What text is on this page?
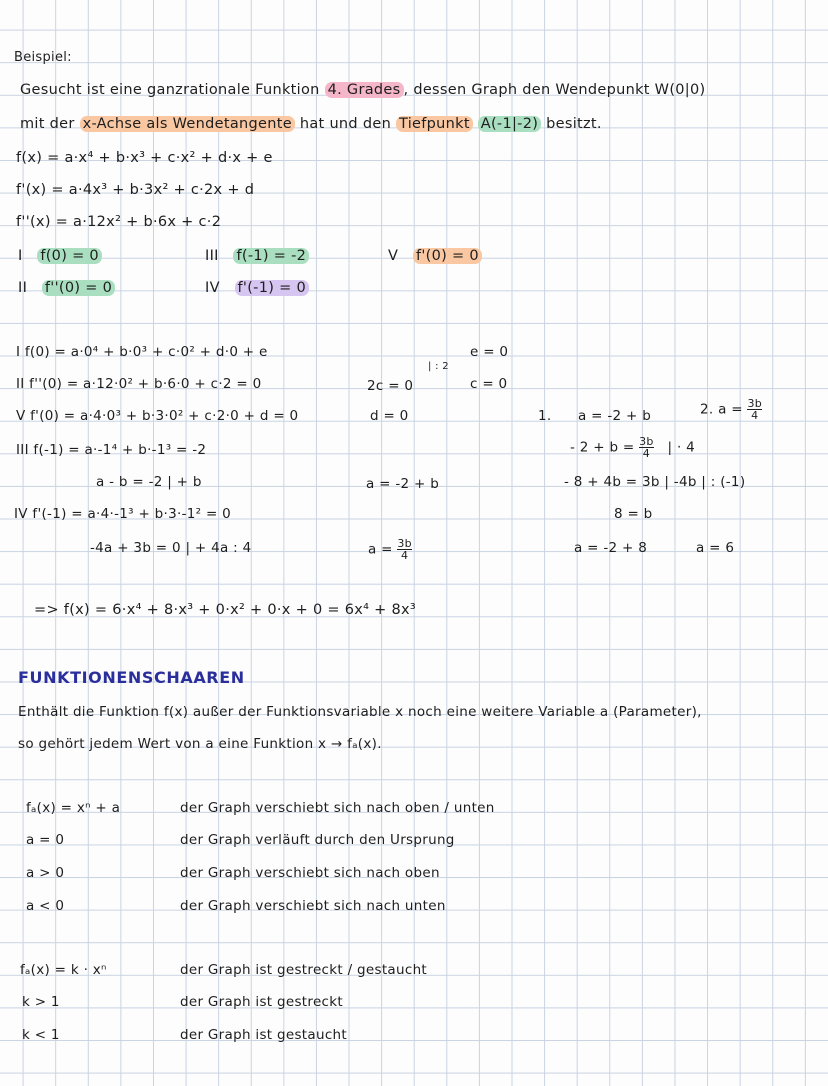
Beispiel:
Gesucht ist eine ganzrationale Funktion 4. Grades , dessen Graph den Wendepunkt W(0|0)
mit der x-Achse als Wendetangente hat und den Tiefpunkt A(-1|-2) besitzt.
f(x) = a·x⁴ + b·x³ + c·x² + d·x + e
f'(x) = a·4x³ + b·3x² + c·2x + d
f''(x) = a·12x² + b·6x + c·2
I f(0) = 0
II f''(0) = 0
III f(-1) = -2
IV f'(-1) = 0
V f'(0) = 0
I f(0) = a·0⁴ + b·0³ + c·0² + d·0 + e
II f''(0) = a·12·0² + b·6·0 + c·2 = 0
V f'(0) = a·4·0³ + b·3·0² + c·2·0 + d = 0
III f(-1) = a·-1⁴ + b·-1³ = -2
a - b = -2 | + b
IV f'(-1) = a·4·-1³ + b·3·-1² = 0
-4a + 3b = 0 | + 4a : 4
| : 2
2c = 0
d = 0
a = -2 + b
$a = \frac{3b}{4}$
e = 0
c = 0
1. a = -2 + b	2. $a = \frac{3b}{4}$
- $2 + b = \frac{3b}{4}$ | · 4
- 8 + 4b = 3b | -4b | : (-1)
8 = b
a = -2 + 8	a = 6
=> f(x) = 6·x⁴ + 8·x³ + 0·x² + 0·x + 0 = 6x⁴ + 8x³
FUNKTIONENSCHAAREN
Enthält die Funktion f(x) außer der Funktionsvariable x noch eine weitere Variable a (Parameter),
so gehört jedem Wert von a eine Funktion x → fₐ(x).
fₐ(x) = xⁿ + a	der Graph verschiebt sich nach oben / unten
a = 0	der Graph verläuft durch den Ursprung
a > 0	der Graph verschiebt sich nach oben
a < 0	der Graph verschiebt sich nach unten
fₐ(x) = k · xⁿ	der Graph ist gestreckt / gestaucht
k > 1	der Graph ist gestreckt
k < 1	der Graph ist gestaucht
